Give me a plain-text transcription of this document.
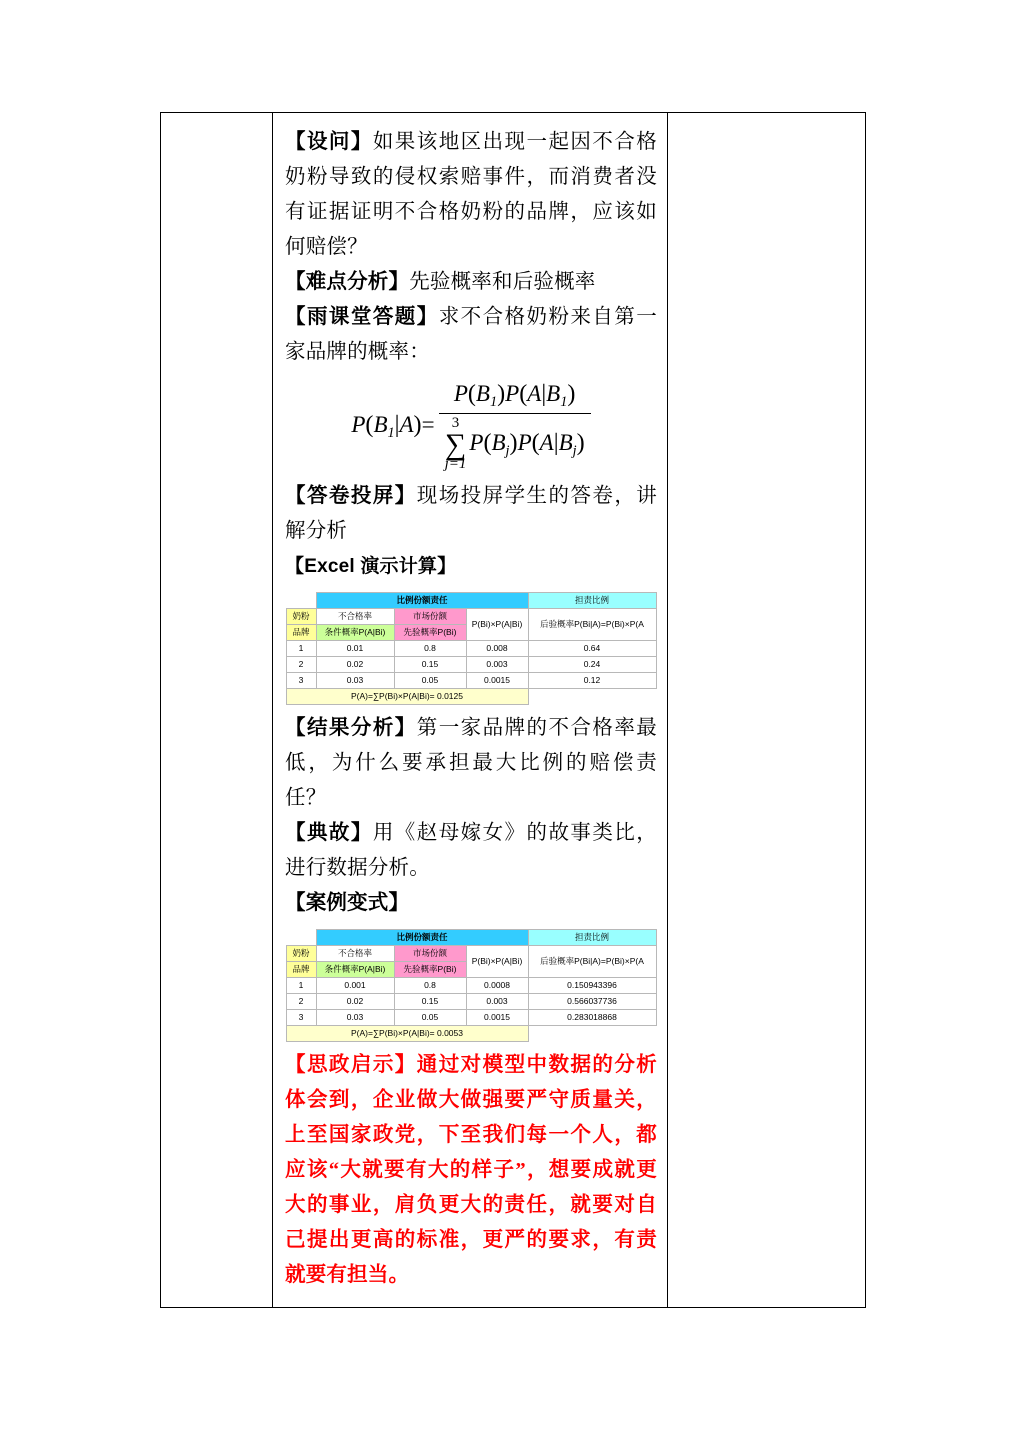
【设问】如果该地区出现一起因不合格奶粉导致的侵权索赔事件，而消费者没有证据证明不合格奶粉的品牌，应该如何赔偿？

【难点分析】先验概率和后验概率

【雨课堂答题】求不合格奶粉来自第一家品牌的概率：

$P(B_1|A)=$
$P(B_1)P(A|B_1)$
3
∑
j=1
$P(B_j)P(A|B_j)$

【答卷投屏】现场投屏学生的答卷，讲解分析

【Excel 演示计算】

	比例份额责任			担责比例
奶粉	不合格率	市场份额	P(Bi)×P(A|Bi)	后验概率P(Bi|A)=P(Bi)×P(A
品牌	条件概率P(A|Bi)	先验概率P(Bi)		
1	0.01	0.8	0.008	0.64
2	0.02	0.15	0.003	0.24
3	0.03	0.05	0.0015	0.12
P(A)=∑P(Bi)×P(A|Bi)= 0.0125				

【结果分析】第一家品牌的不合格率最低，为什么要承担最大比例的赔偿责任？

【典故】用《赵母嫁女》的故事类比，进行数据分析。

【案例变式】

	比例份额责任			担责比例
奶粉	不合格率	市场份额	P(Bi)×P(A|Bi)	后验概率P(Bi|A)=P(Bi)×P(A
品牌	条件概率P(A|Bi)	先验概率P(Bi)		
1	0.001	0.8	0.0008	0.150943396
2	0.02	0.15	0.003	0.566037736
3	0.03	0.05	0.0015	0.283018868
P(A)=∑P(Bi)×P(A|Bi)= 0.0053				

【思政启示】通过对模型中数据的分析体会到，企业做大做强要严守质量关，上至国家政党，下至我们每一个人，都应该“大就要有大的样子”，想要成就更大的事业，肩负更大的责任，就要对自己提出更高的标准，更严的要求，有责就要有担当。
